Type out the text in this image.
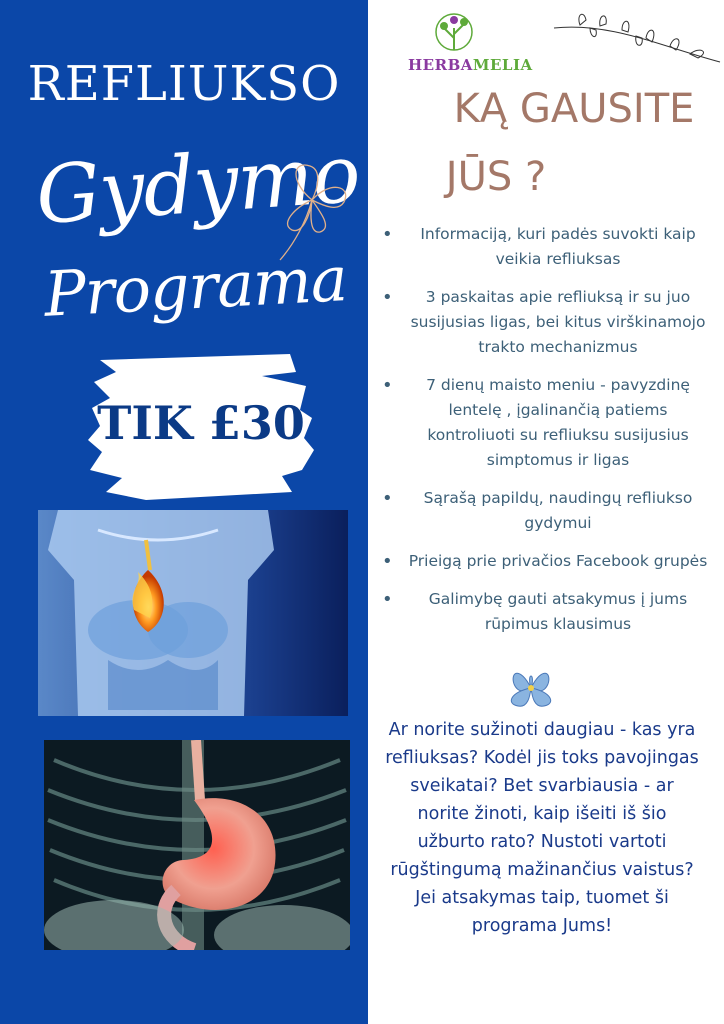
REFLIUKSO
Gydymo
Programa
TIK £30
HERBAMELIA
KĄ GAUSITE
JŪS ?
• Informaciją, kuri padės suvokti kaip veikia refliuksas
• 3 paskaitas apie refliuksą ir su juo susijusias ligas, bei kitus virškinamojo trakto mechanizmus
• 7 dienų maisto meniu - pavyzdinę lentelę , įgalinančią patiems kontroliuoti su refliuksu susijusius simptomus ir ligas
• Sąrašą papildų, naudingų refliukso gydymui
• Prieigą prie privačios Facebook grupės
• Galimybę gauti atsakymus į jums rūpimus klausimus
Ar norite sužinoti daugiau - kas yra refliuksas? Kodėl jis toks pavojingas sveikatai? Bet svarbiausia - ar norite žinoti, kaip išeiti iš šio užburto rato? Nustoti vartoti rūgštingumą mažinančius vaistus? Jei atsakymas taip, tuomet ši programa Jums!
